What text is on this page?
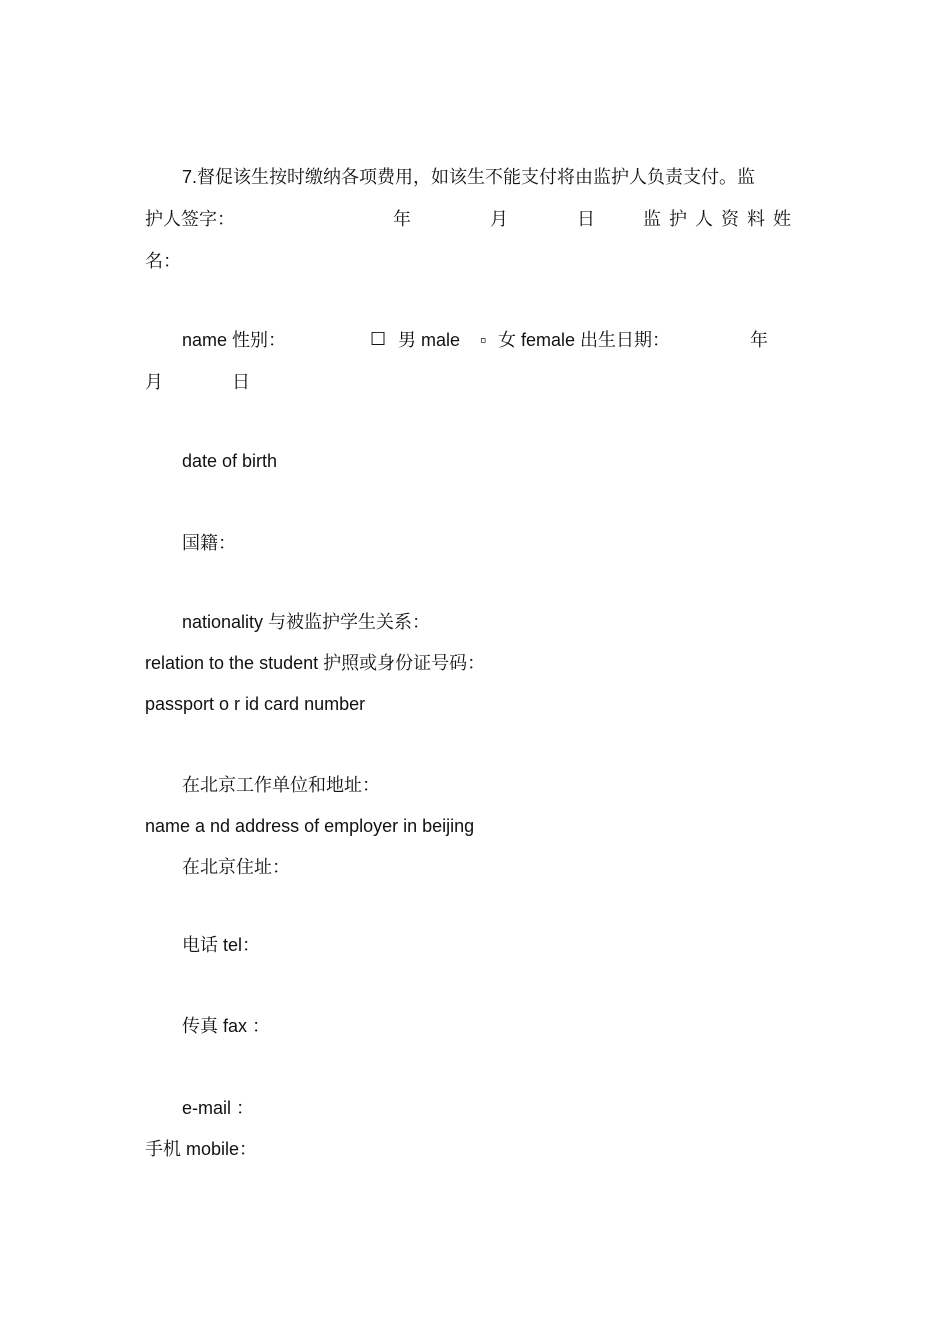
7.督促该生按时缴纳各项费用，如该生不能支付将由监护人负责支付。监
护人签字：	年	月	日	监护人资料姓
名：
name 性别：	☐ 男 male ▫ 女 female 出生日期：	年
月	日
date of birth
国籍：
nationality 与被监护学生关系：
relation to the student 护照或身份证号码：
passport o r id card number
在北京工作单位和地址：
name a nd address of employer in beijing
在北京住址：
电话 tel：
传真 fax ：
e-mail ：
手机 mobile：
